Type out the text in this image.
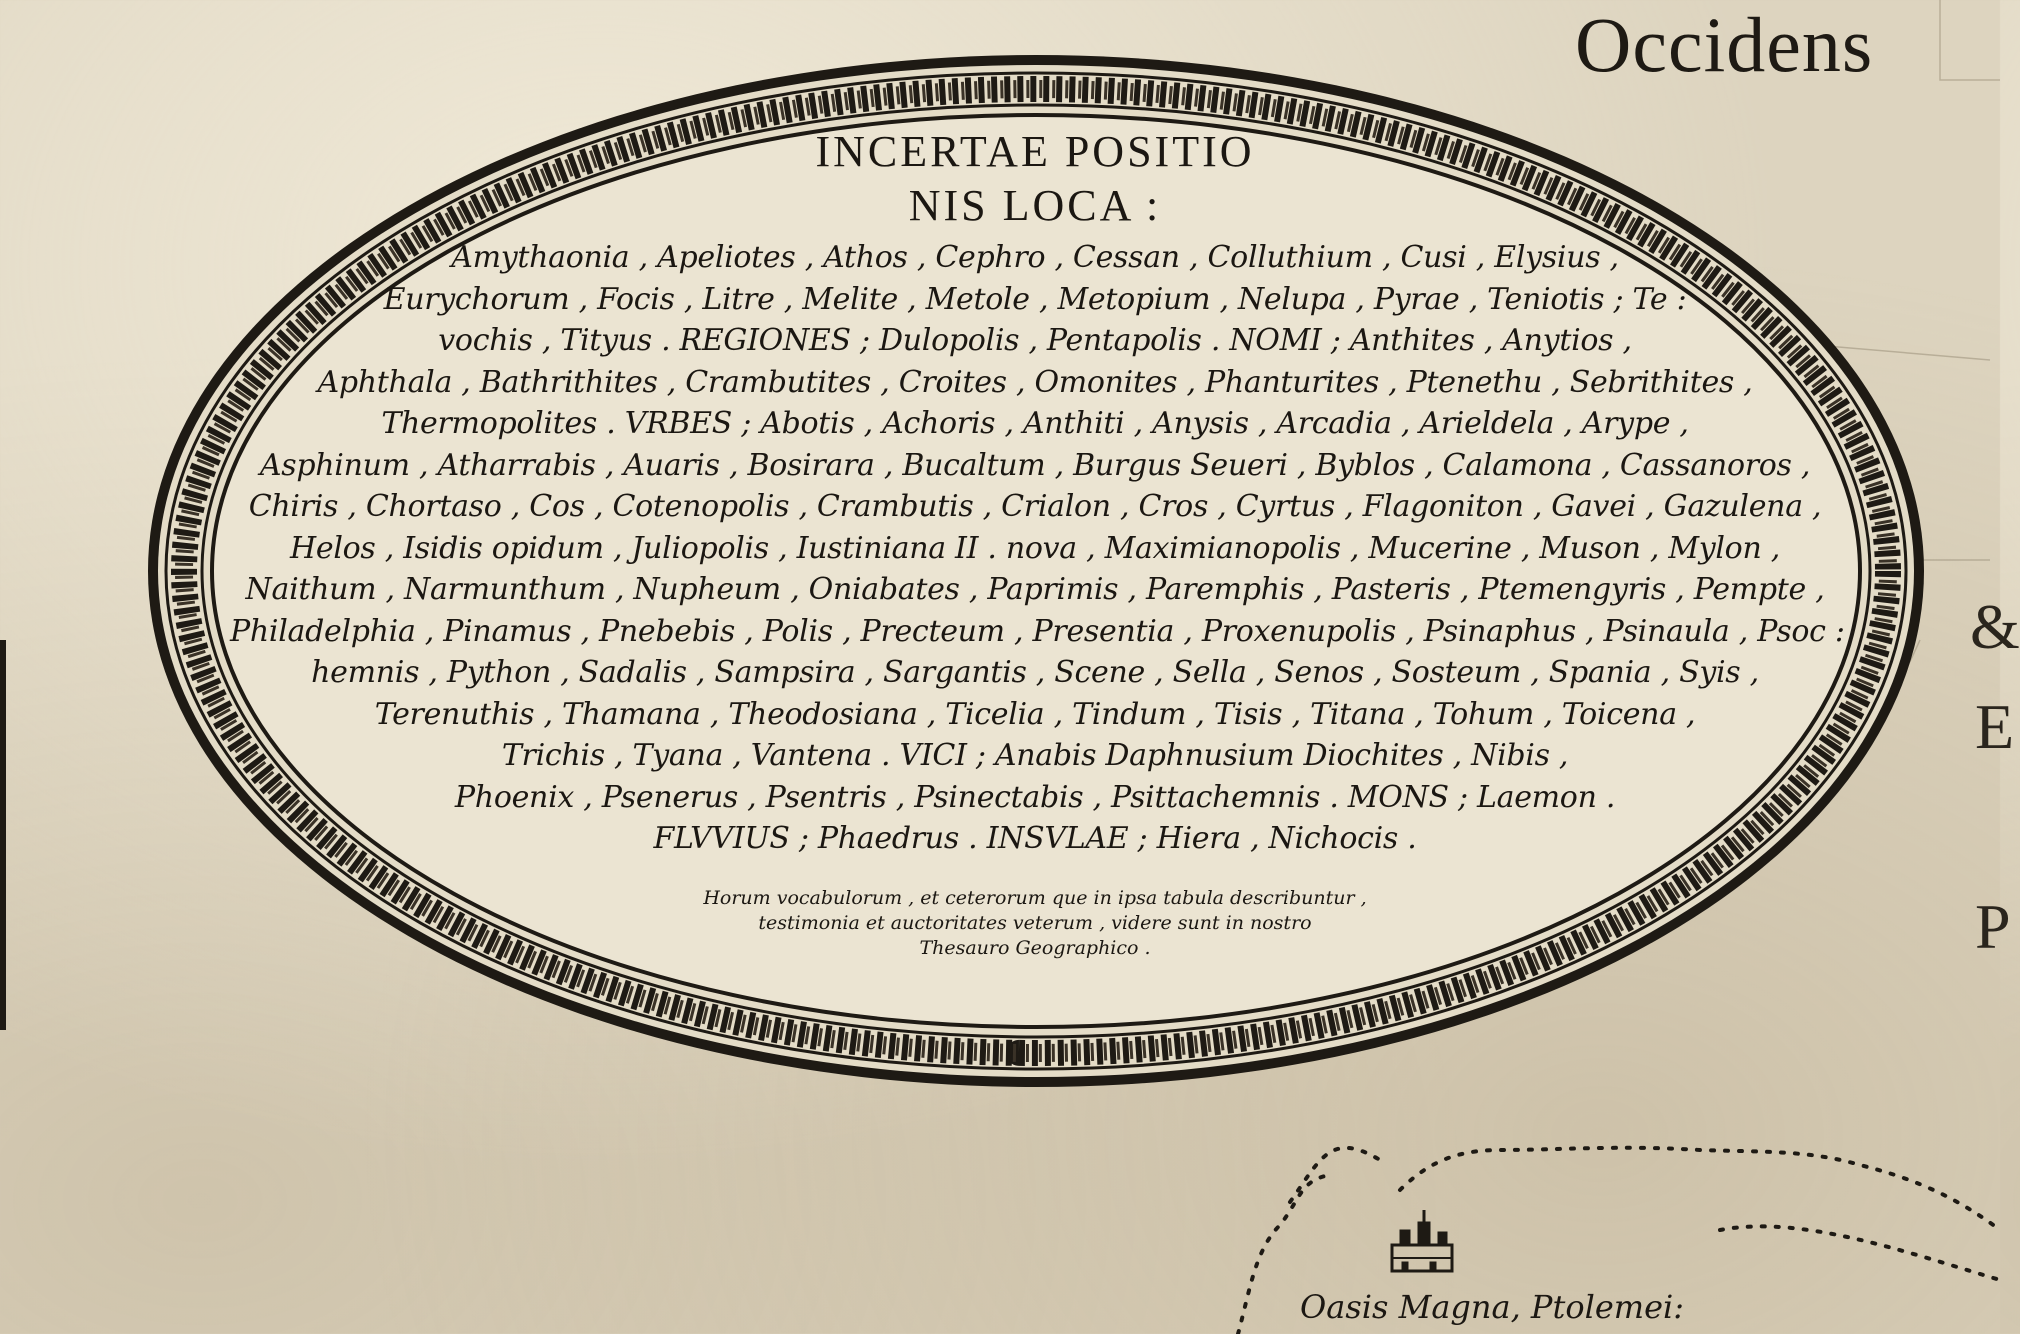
Occidens
&
E
P

INCERTAE POSITIO

NIS LOCA :

Amythaonia , Apeliotes , Athos , Cephro , Cessan , Colluthium , Cusi , Elysius ,
Eurychorum , Focis , Litre , Melite , Metole , Metopium , Nelupa , Pyrae , Teniotis ; Te :
vochis , Tityus . REGIONES ; Dulopolis , Pentapolis . NOMI ; Anthites , Anytios ,
Aphthala , Bathrithites , Crambutites , Croites , Omonites , Phanturites , Ptenethu , Sebrithites ,
Thermopolites . VRBES ; Abotis , Achoris , Anthiti , Anysis , Arcadia , Arieldela , Arype ,
Asphinum , Atharrabis , Auaris , Bosirara , Bucaltum , Burgus Seueri , Byblos , Calamona , Cassanoros ,
Chiris , Chortaso , Cos , Cotenopolis , Crambutis , Crialon , Cros , Cyrtus , Flagoniton , Gavei , Gazulena ,
Helos , Isidis opidum , Juliopolis , Iustiniana II . nova , Maximianopolis , Mucerine , Muson , Mylon ,
Naithum , Narmunthum , Nupheum , Oniabates , Paprimis , Paremphis , Pasteris , Ptemengyris , Pempte ,
Philadelphia , Pinamus , Pnebebis , Polis , Precteum , Presentia , Proxenupolis , Psinaphus , Psinaula , Psoc :
hemnis , Python , Sadalis , Sampsira , Sargantis , Scene , Sella , Senos , Sosteum , Spania , Syis ,
Terenuthis , Thamana , Theodosiana , Ticelia , Tindum , Tisis , Titana , Tohum , Toicena ,
Trichis , Tyana , Vantena . VICI ; Anabis Daphnusium Diochites , Nibis ,
Phoenix , Psenerus , Psentris , Psinectabis , Psittachemnis . MONS ; Laemon .
FLVVIUS ; Phaedrus . INSVLAE ; Hiera , Nichocis .
Horum vocabulorum , et ceterorum que in ipsa tabula describuntur ,
testimonia et auctoritates veterum , videre sunt in nostro
Thesauro Geographico .
Oasis Magna, Ptolemei:
